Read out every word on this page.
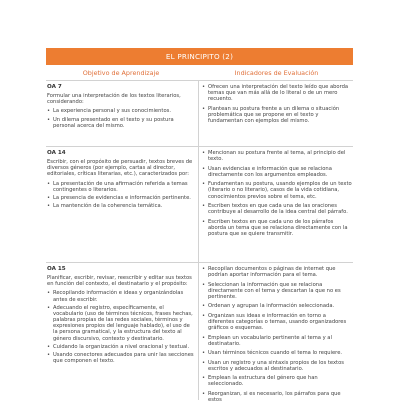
EL PRINCIPITO (2)
Objetivo de Aprendizaje	Indicadores de Evaluación
OA 7
Formular una interpretación de los textos literarios, considerando:
• La experiencia personal y sus conocimientos.
• Un dilema presentado en el texto y su postura personal acerca del mismo.
• Ofrecen una interpretación del texto leído que aborda temas que van más allá de lo literal o de un mero recuento.
• Plantean su postura frente a un dilema o situación problemática que se propone en el texto y fundamentan con ejemplos del mismo.
OA 14
Escribir, con el propósito de persuadir, textos breves de diversos géneros (por ejemplo, cartas al director, editoriales, críticas literarias, etc.), caracterizados por:
• La presentación de una afirmación referida a temas contingentes o literarios.
• La presencia de evidencias e información pertinente.
• La mantención de la coherencia temática.
• Mencionan su postura frente al tema, al principio del texto.
• Usan evidencias e información que se relaciona directamente con los argumentos empleados.
• Fundamentan su postura, usando ejemplos de un texto (literario o no literario), casos de la vida cotidiana, conocimientos previos sobre el tema, etc.
• Escriben textos en que cada una de las oraciones contribuye al desarrollo de la idea central del párrafo.
• Escriben textos en que cada uno de los párrafos aborda un tema que se relaciona directamente con la postura que se quiere transmitir.
OA 15
Planificar, escribir, revisar, reescribir y editar sus textos en función del contexto, el destinatario y el propósito:
• Recopilando información e ideas y organizándolas antes de escribir.
• Adecuando el registro, específicamente, el vocabulario (uso de términos técnicos, frases hechas, palabras propias de las redes sociales, términos y expresiones propios del lenguaje hablado), el uso de la persona gramatical, y la estructura del texto al género discursivo, contexto y destinatario.
• Cuidando la organización a nivel oracional y textual.
• Usando conectores adecuados para unir las secciones que componen el texto.
• Recopilan documentos o páginas de internet que podrían aportar información para el tema.
• Seleccionan la información que se relaciona directamente con el tema y descartan la que no es pertinente.
• Ordenan y agrupan la información seleccionada.
• Organizan sus ideas e información en torno a diferentes categorías o temas, usando organizadores gráficos o esquemas.
• Emplean un vocabulario pertinente al tema y al destinatario.
• Usan términos técnicos cuando el tema lo requiere.
• Usan un registro y una sintaxis propios de los textos escritos y adecuados al destinatario.
• Emplean la estructura del género que han seleccionado.
• Reorganizan, si es necesario, los párrafos para que estos
